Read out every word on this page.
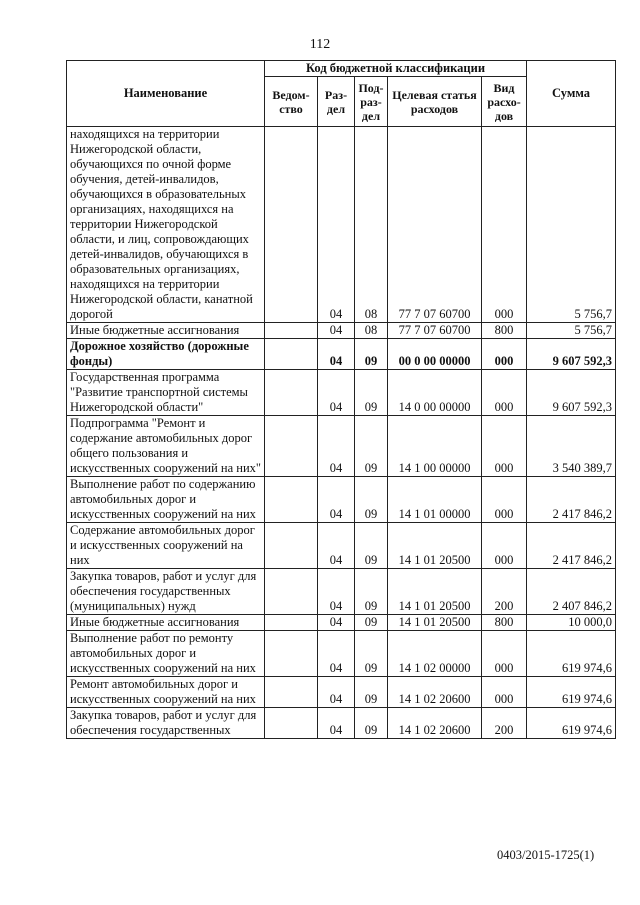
112
Наименование	Код бюджетной классификации					Сумма
	Ведом-ство	Раз-дел	Под-раз-дел	Целевая статья расходов	Вид расхо-дов	
находящихся на территории Нижегородской области, обучающихся по очной форме обучения, детей-инвалидов, обучающихся в образовательных организациях, находящихся на территории Нижегородской области, и лиц, сопровождающих детей-инвалидов, обучающихся в образовательных организациях, находящихся на территории Нижегородской области, канатной дорогой		04	08	77 7 07 60700	000	5 756,7
Иные бюджетные ассигнования		04	08	77 7 07 60700	800	5 756,7
Дорожное хозяйство (дорожные фонды)		04	09	00 0 00 00000	000	9 607 592,3
Государственная программа "Развитие транспортной системы Нижегородской области"		04	09	14 0 00 00000	000	9 607 592,3
Подпрограмма "Ремонт и содержание автомобильных дорог общего пользования и искусственных сооружений на них"		04	09	14 1 00 00000	000	3 540 389,7
Выполнение работ по содержанию автомобильных дорог и искусственных сооружений на них		04	09	14 1 01 00000	000	2 417 846,2
Содержание автомобильных дорог и искусственных сооружений на них		04	09	14 1 01 20500	000	2 417 846,2
Закупка товаров, работ и услуг для обеспечения государственных (муниципальных) нужд		04	09	14 1 01 20500	200	2 407 846,2
Иные бюджетные ассигнования		04	09	14 1 01 20500	800	10 000,0
Выполнение работ по ремонту автомобильных дорог и искусственных сооружений на них		04	09	14 1 02 00000	000	619 974,6
Ремонт автомобильных дорог и искусственных сооружений на них		04	09	14 1 02 20600	000	619 974,6
Закупка товаров, работ и услуг для обеспечения государственных		04	09	14 1 02 20600	200	619 974,6
0403/2015-1725(1)
